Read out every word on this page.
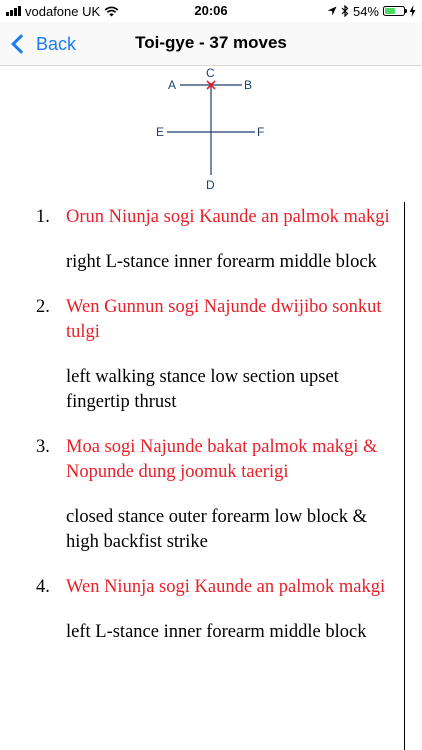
vodafone UK	20:06	54%
Back	Toi-gye - 37 moves
C
A	B
E	F
D
1. Orun Niunja sogi Kaunde an palmok makgi

right L-stance inner forearm middle block

2. Wen Gunnun sogi Najunde dwijibo sonkut tulgi

left walking stance low section upset fingertip thrust

3. Moa sogi Najunde bakat palmok makgi & Nopunde dung joomuk taerigi

closed stance outer forearm low block & high backfist strike

4. Wen Niunja sogi Kaunde an palmok makgi

left L-stance inner forearm middle block
